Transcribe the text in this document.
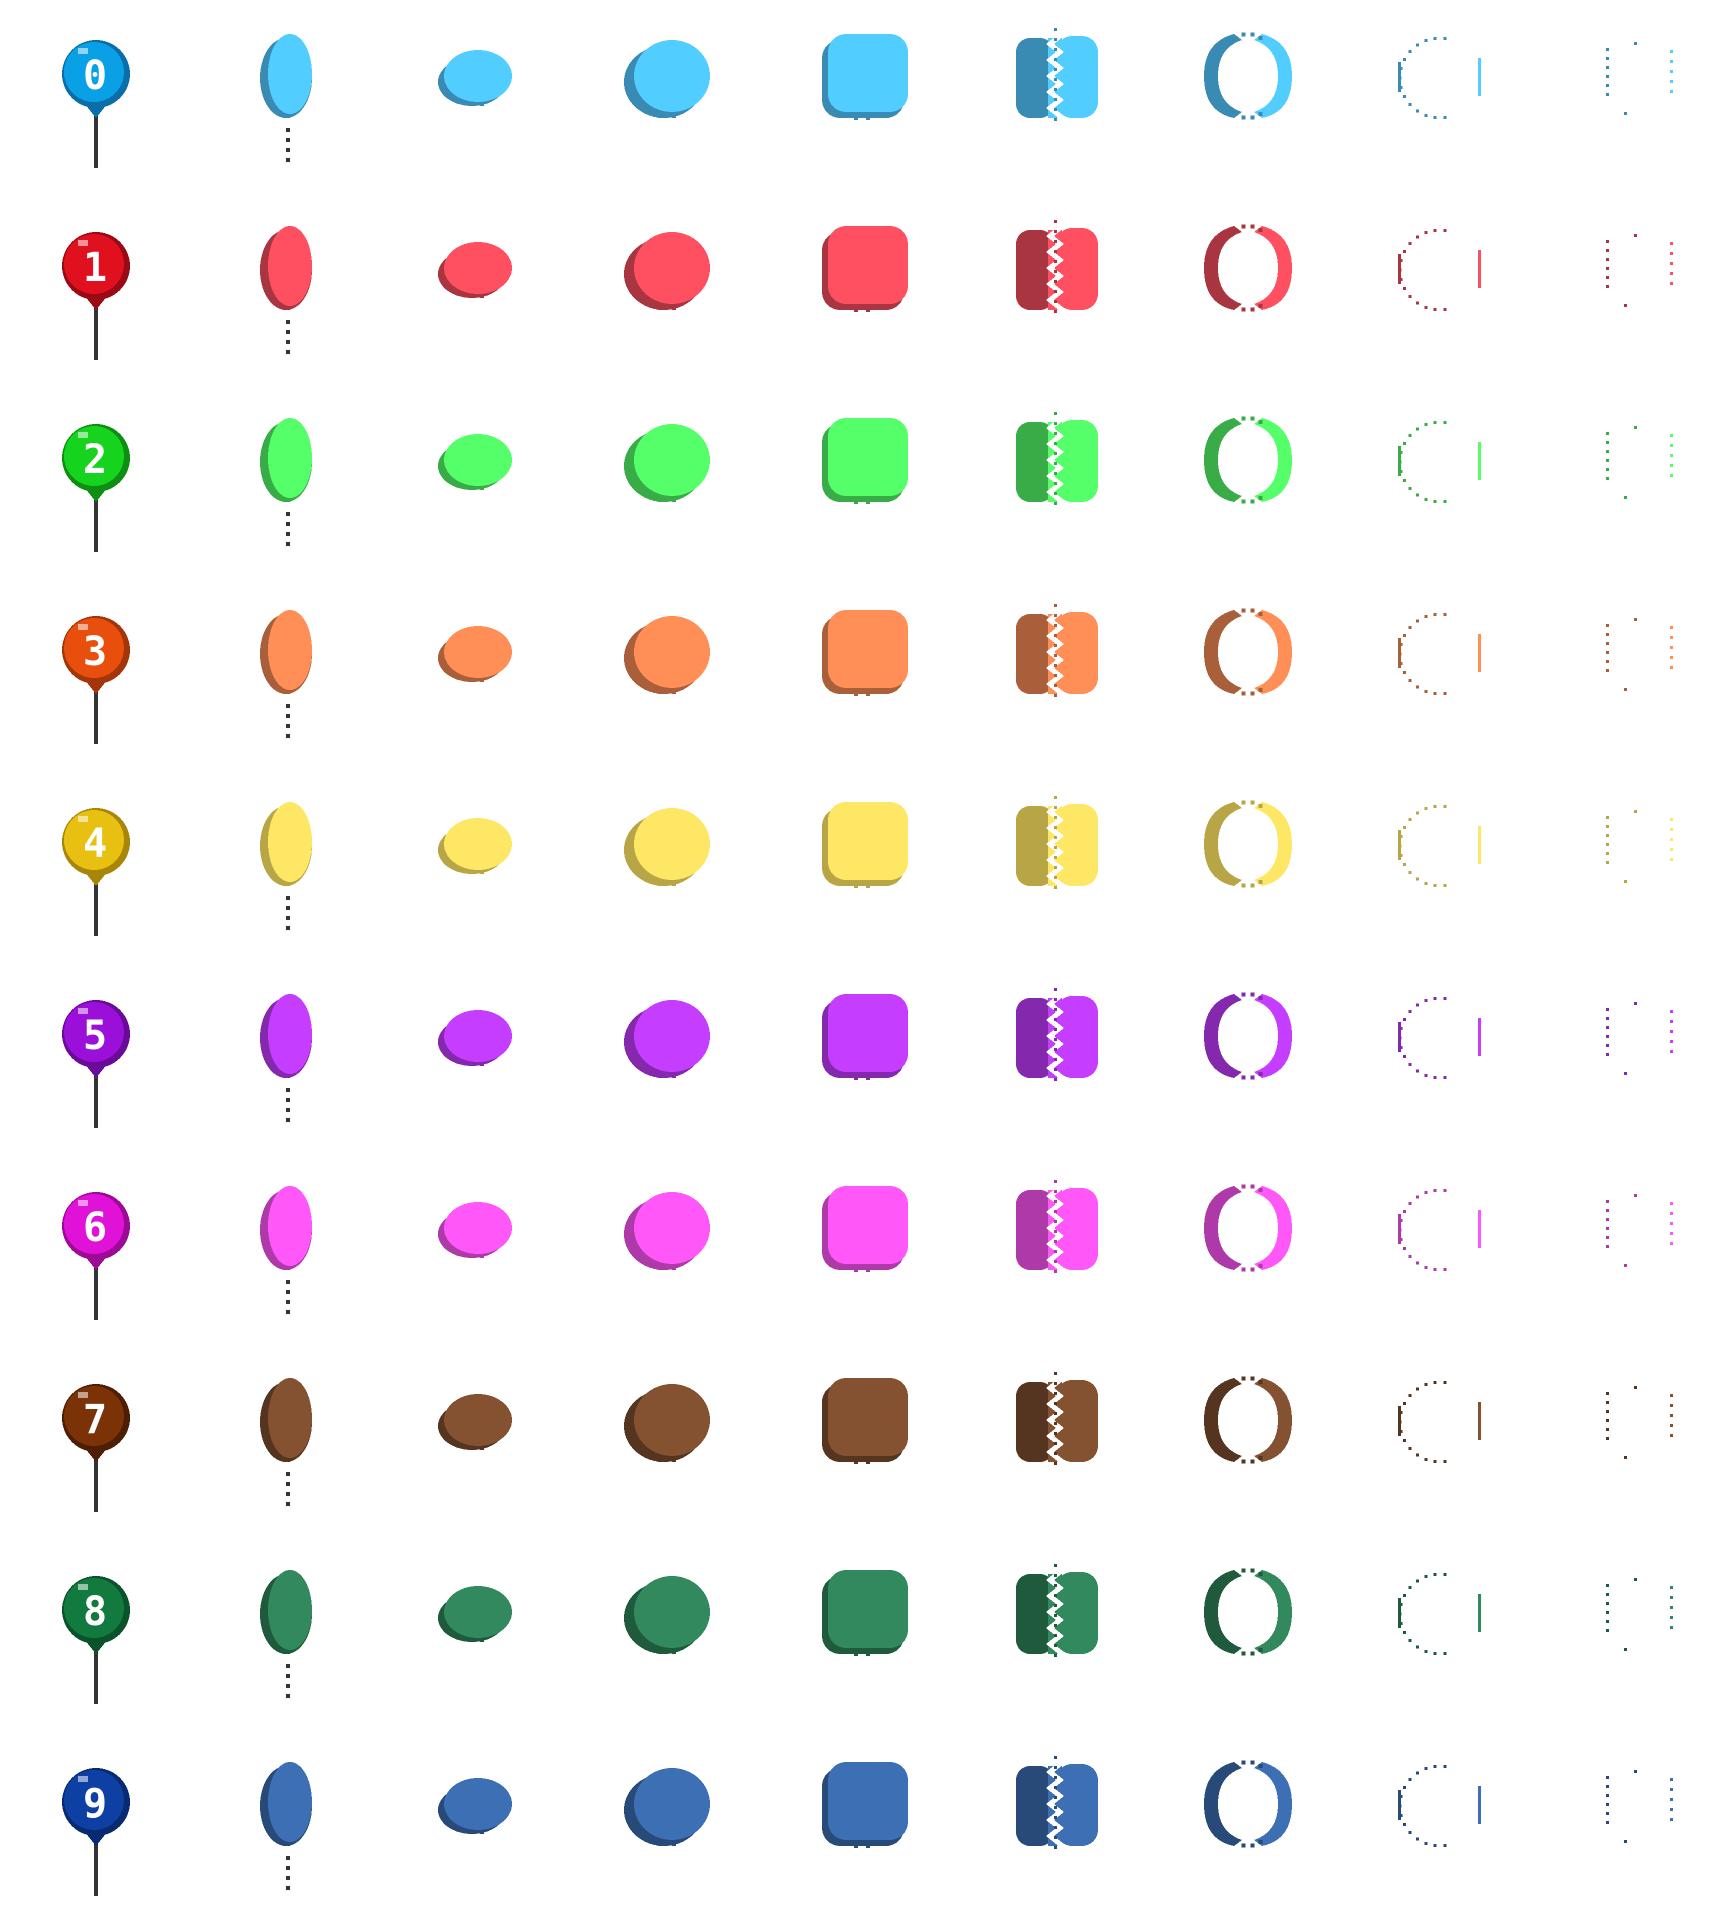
0
1
2
3
4
5
6
7
8
9
